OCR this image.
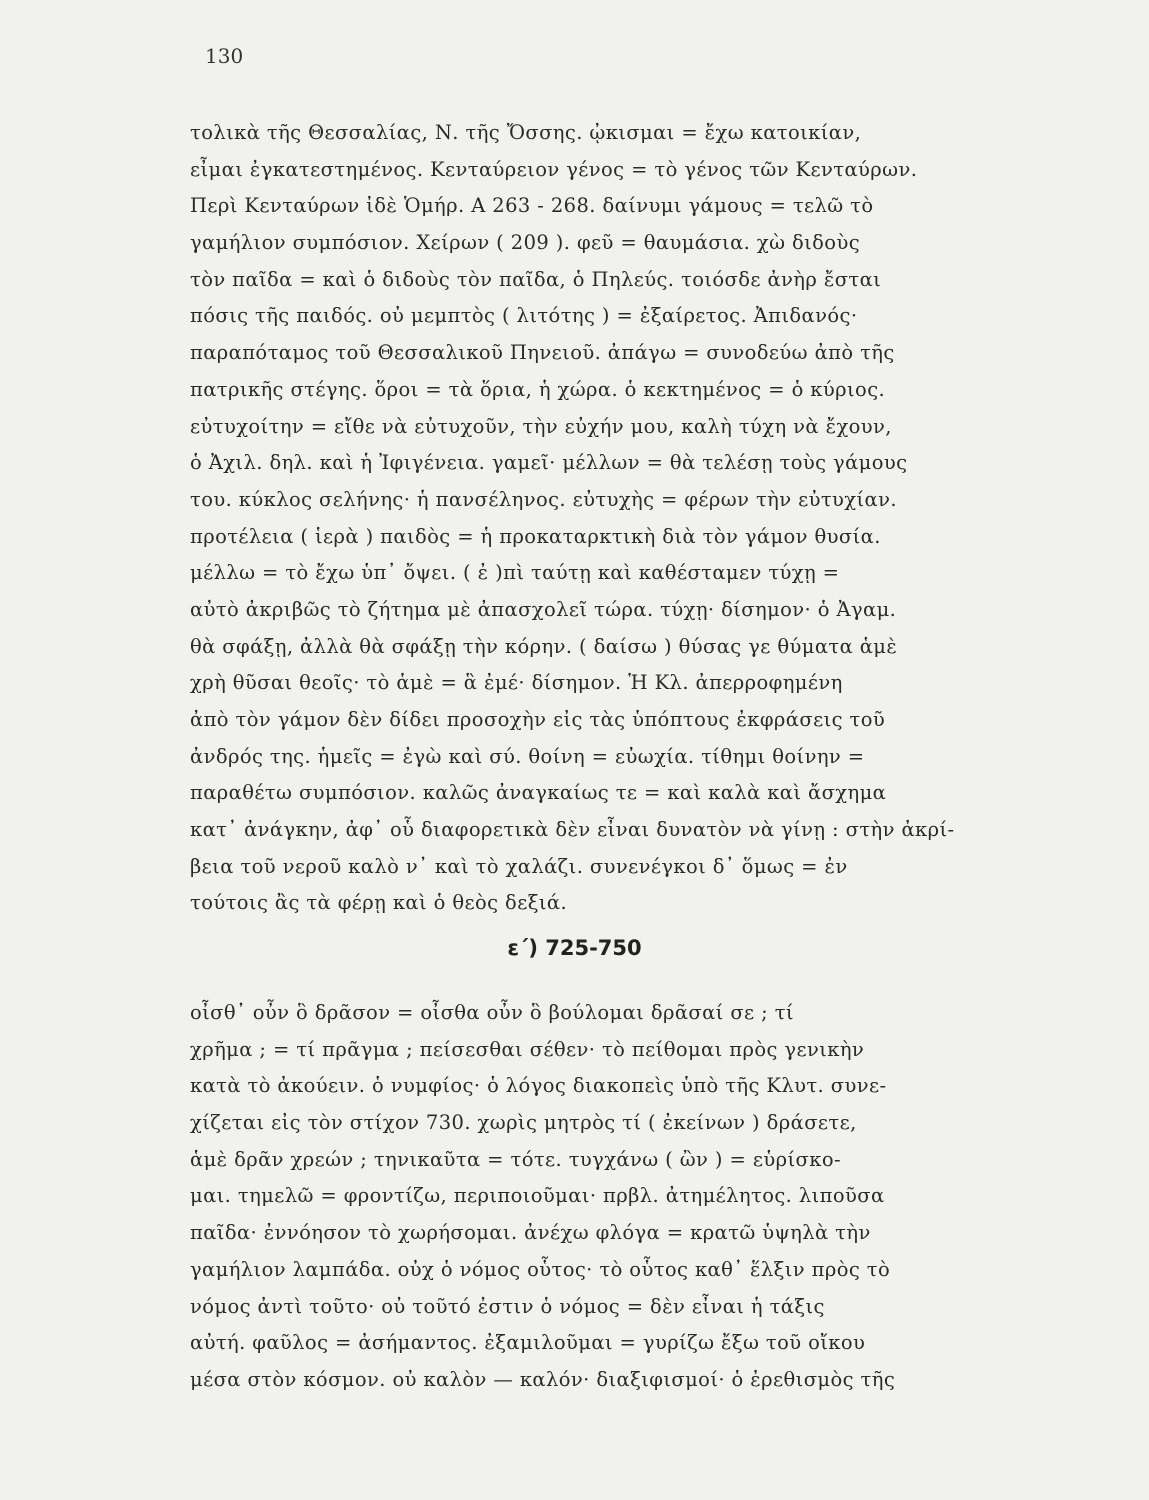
130
τολικὰ τῆς Θεσσαλίας, Ν. τῆς Ὄσσης. ᾠκισμαι = ἔχω κατοικίαν,
εἶμαι ἐγκατεστημένος. Κενταύρειον γένος = τὸ γένος τῶν Κενταύρων.
Περὶ Κενταύρων ἰδὲ Ὁμήρ. Α 263 - 268. δαίνυμι γάμους = τελῶ τὸ
γαμήλιον συμπόσιον. Χείρων ( 209 ). φεῦ = θαυμάσια. χὼ διδοὺς
τὸν παῖδα = καὶ ὁ διδοὺς τὸν παῖδα, ὁ Πηλεύς. τοιόσδε ἀνὴρ ἔσται
πόσις τῆς παιδός. οὐ μεμπτὸς ( λιτότης ) = ἐξαίρετος. Ἀπιδανός·
παραπόταμος τοῦ Θεσσαλικοῦ Πηνειοῦ. ἀπάγω = συνοδεύω ἀπὸ τῆς
πατρικῆς στέγης. ὅροι = τὰ ὅρια, ἡ χώρα. ὁ κεκτημένος = ὁ κύριος.
εὐτυχοίτην = εἴθε νὰ εὐτυχοῦν, τὴν εὐχήν μου, καλὴ τύχη νὰ ἔχουν,
ὁ Ἀχιλ. δηλ. καὶ ἡ Ἰφιγένεια. γαμεῖ· μέλλων = θὰ τελέσῃ τοὺς γάμους
του. κύκλος σελήνης· ἡ πανσέληνος. εὐτυχὴς = φέρων τὴν εὐτυχίαν.
προτέλεια ( ἱερὰ ) παιδὸς = ἡ προκαταρκτικὴ διὰ τὸν γάμον θυσία.
μέλλω = τὸ ἔχω ὑπ᾽ ὄψει. ( ἐ )πὶ ταύτῃ καὶ καθέσταμεν τύχῃ =
αὐτὸ ἀκριβῶς τὸ ζήτημα μὲ ἀπασχολεῖ τώρα. τύχῃ· δίσημον· ὁ Ἀγαμ.
θὰ σφάξῃ, ἀλλὰ θὰ σφάξῃ τὴν κόρην. ( δαίσω ) θύσας γε θύματα ἁμὲ
χρὴ θῦσαι θεοῖς· τὸ ἁμὲ = ἃ ἐμέ· δίσημον. Ἡ Κλ. ἀπερροφημένη
ἀπὸ τὸν γάμον δὲν δίδει προσοχὴν εἰς τὰς ὑπόπτους ἐκφράσεις τοῦ
ἀνδρός της. ἡμεῖς = ἐγὼ καὶ σύ. θοίνη = εὐωχία. τίθημι θοίνην =
παραθέτω συμπόσιον. καλῶς ἀναγκαίως τε = καὶ καλὰ καὶ ἄσχημα
κατ᾽ ἀνάγκην, ἀφ᾽ οὗ διαφορετικὰ δὲν εἶναι δυνατὸν νὰ γίνῃ : στὴν ἀκρί-
βεια τοῦ νεροῦ καλὸ ν᾽ καὶ τὸ χαλάζι. συνενέγκοι δ᾽ ὅμως = ἐν
τούτοις ἂς τὰ φέρῃ καὶ ὁ θεὸς δεξιά.
ε΄) 725-750
οἶσθ᾽ οὖν ὃ δρᾶσον = οἶσθα οὖν ὃ βούλομαι δρᾶσαί σε ; τί
χρῆμα ; = τί πρᾶγμα ; πείσεσθαι σέθεν· τὸ πείθομαι πρὸς γενικὴν
κατὰ τὸ ἀκούειν. ὁ νυμφίος· ὁ λόγος διακοπεὶς ὑπὸ τῆς Κλυτ. συνε-
χίζεται εἰς τὸν στίχον 730. χωρὶς μητρὸς τί ( ἐκείνων ) δράσετε,
ἁμὲ δρᾶν χρεών ; τηνικαῦτα = τότε. τυγχάνω ( ὢν ) = εὑρίσκο-
μαι. τημελῶ = φροντίζω, περιποιοῦμαι· πρβλ. ἀτημέλητος. λιποῦσα
παῖδα· ἐννόησον τὸ χωρήσομαι. ἀνέχω φλόγα = κρατῶ ὑψηλὰ τὴν
γαμήλιον λαμπάδα. οὐχ ὁ νόμος οὗτος· τὸ οὗτος καθ᾽ ἕλξιν πρὸς τὸ
νόμος ἀντὶ τοῦτο· οὐ τοῦτό ἐστιν ὁ νόμος = δὲν εἶναι ἡ τάξις
αὐτή. φαῦλος = ἀσήμαντος. ἐξαμιλοῦμαι = γυρίζω ἔξω τοῦ οἴκου
μέσα στὸν κόσμον. οὐ καλὸν — καλόν· διαξιφισμοί· ὁ ἐρεθισμὸς τῆς
